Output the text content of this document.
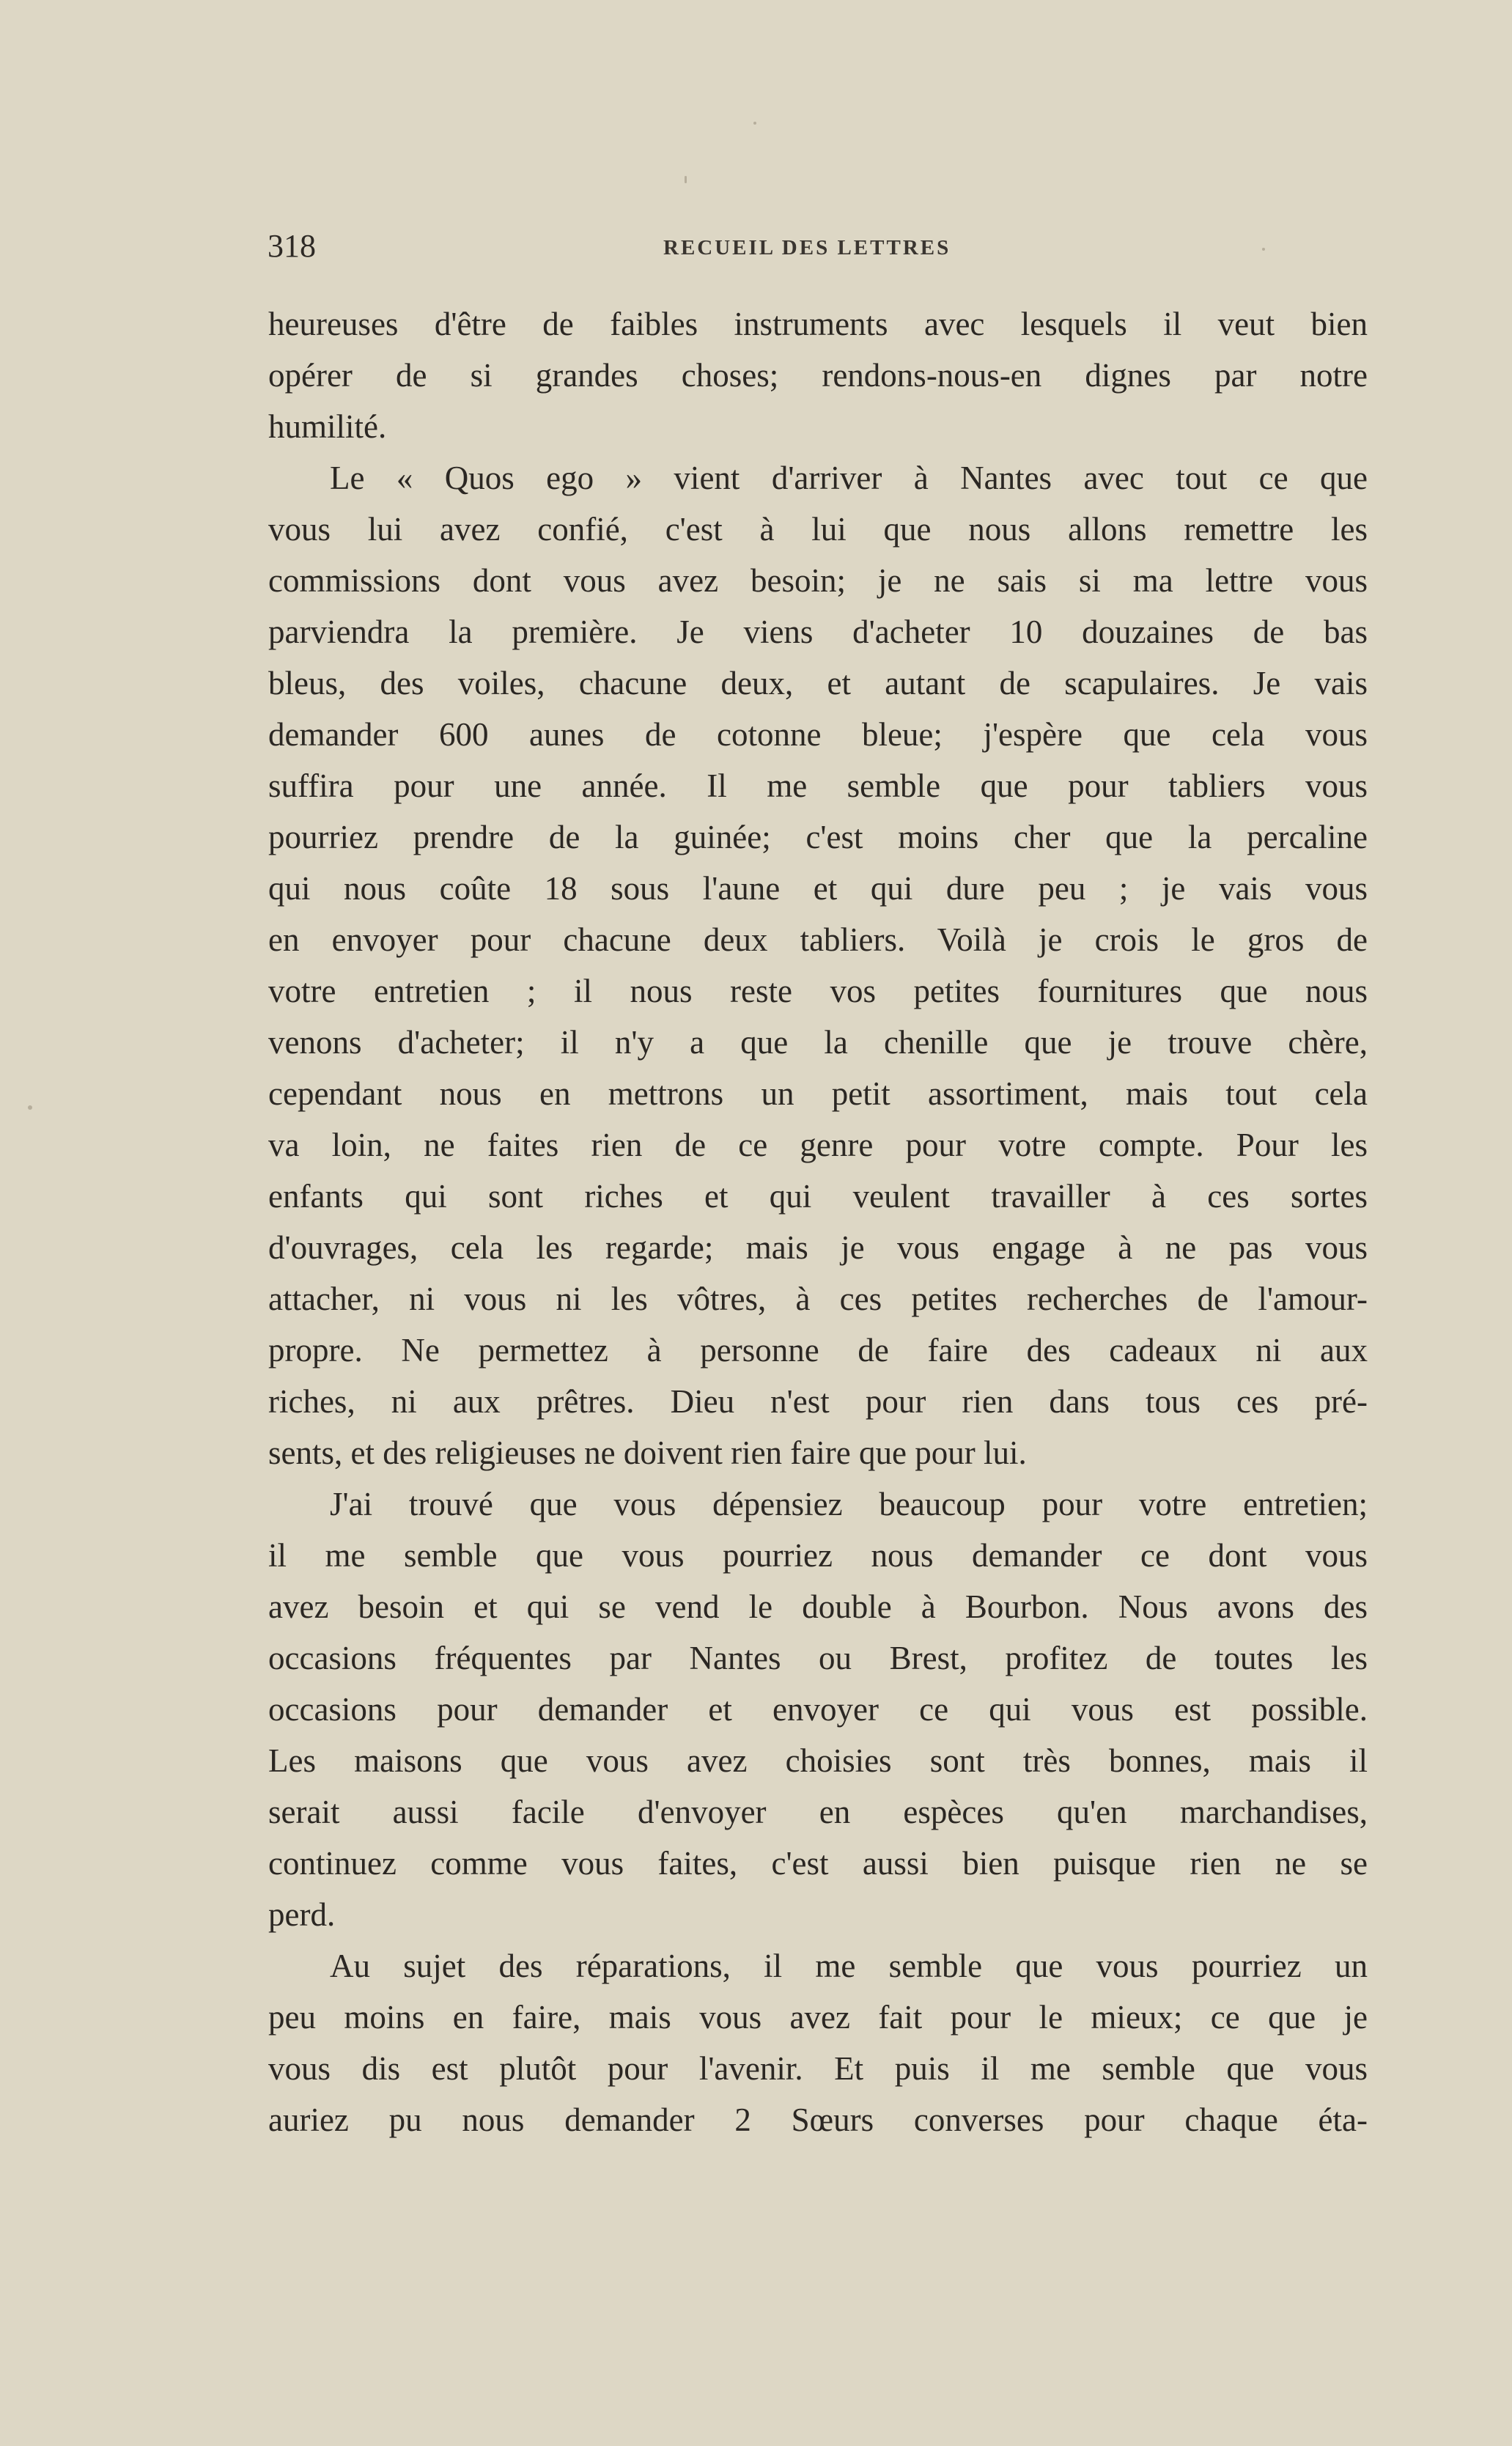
318	RECUEIL DES LETTRES
heureuses d'être de faibles instruments avec lesquels il veut bien
opérer de si grandes choses; rendons-nous-en dignes par notre
humilité.
Le « Quos ego » vient d'arriver à Nantes avec tout ce que
vous lui avez confié, c'est à lui que nous allons remettre les
commissions dont vous avez besoin; je ne sais si ma lettre vous
parviendra la première. Je viens d'acheter 10 douzaines de bas
bleus, des voiles, chacune deux, et autant de scapulaires. Je vais
demander 600 aunes de cotonne bleue; j'espère que cela vous
suffira pour une année. Il me semble que pour tabliers vous
pourriez prendre de la guinée; c'est moins cher que la percaline
qui nous coûte 18 sous l'aune et qui dure peu ; je vais vous
en envoyer pour chacune deux tabliers. Voilà je crois le gros de
votre entretien ; il nous reste vos petites fournitures que nous
venons d'acheter; il n'y a que la chenille que je trouve chère,
cependant nous en mettrons un petit assortiment, mais tout cela
va loin, ne faites rien de ce genre pour votre compte. Pour les
enfants qui sont riches et qui veulent travailler à ces sortes
d'ouvrages, cela les regarde; mais je vous engage à ne pas vous
attacher, ni vous ni les vôtres, à ces petites recherches de l'amour-
propre. Ne permettez à personne de faire des cadeaux ni aux
riches, ni aux prêtres. Dieu n'est pour rien dans tous ces pré-
sents, et des religieuses ne doivent rien faire que pour lui.
J'ai trouvé que vous dépensiez beaucoup pour votre entretien;
il me semble que vous pourriez nous demander ce dont vous
avez besoin et qui se vend le double à Bourbon. Nous avons des
occasions fréquentes par Nantes ou Brest, profitez de toutes les
occasions pour demander et envoyer ce qui vous est possible.
Les maisons que vous avez choisies sont très bonnes, mais il
serait aussi facile d'envoyer en espèces qu'en marchandises,
continuez comme vous faites, c'est aussi bien puisque rien ne se
perd.
Au sujet des réparations, il me semble que vous pourriez un
peu moins en faire, mais vous avez fait pour le mieux; ce que je
vous dis est plutôt pour l'avenir. Et puis il me semble que vous
auriez pu nous demander 2 Sœurs converses pour chaque éta-
